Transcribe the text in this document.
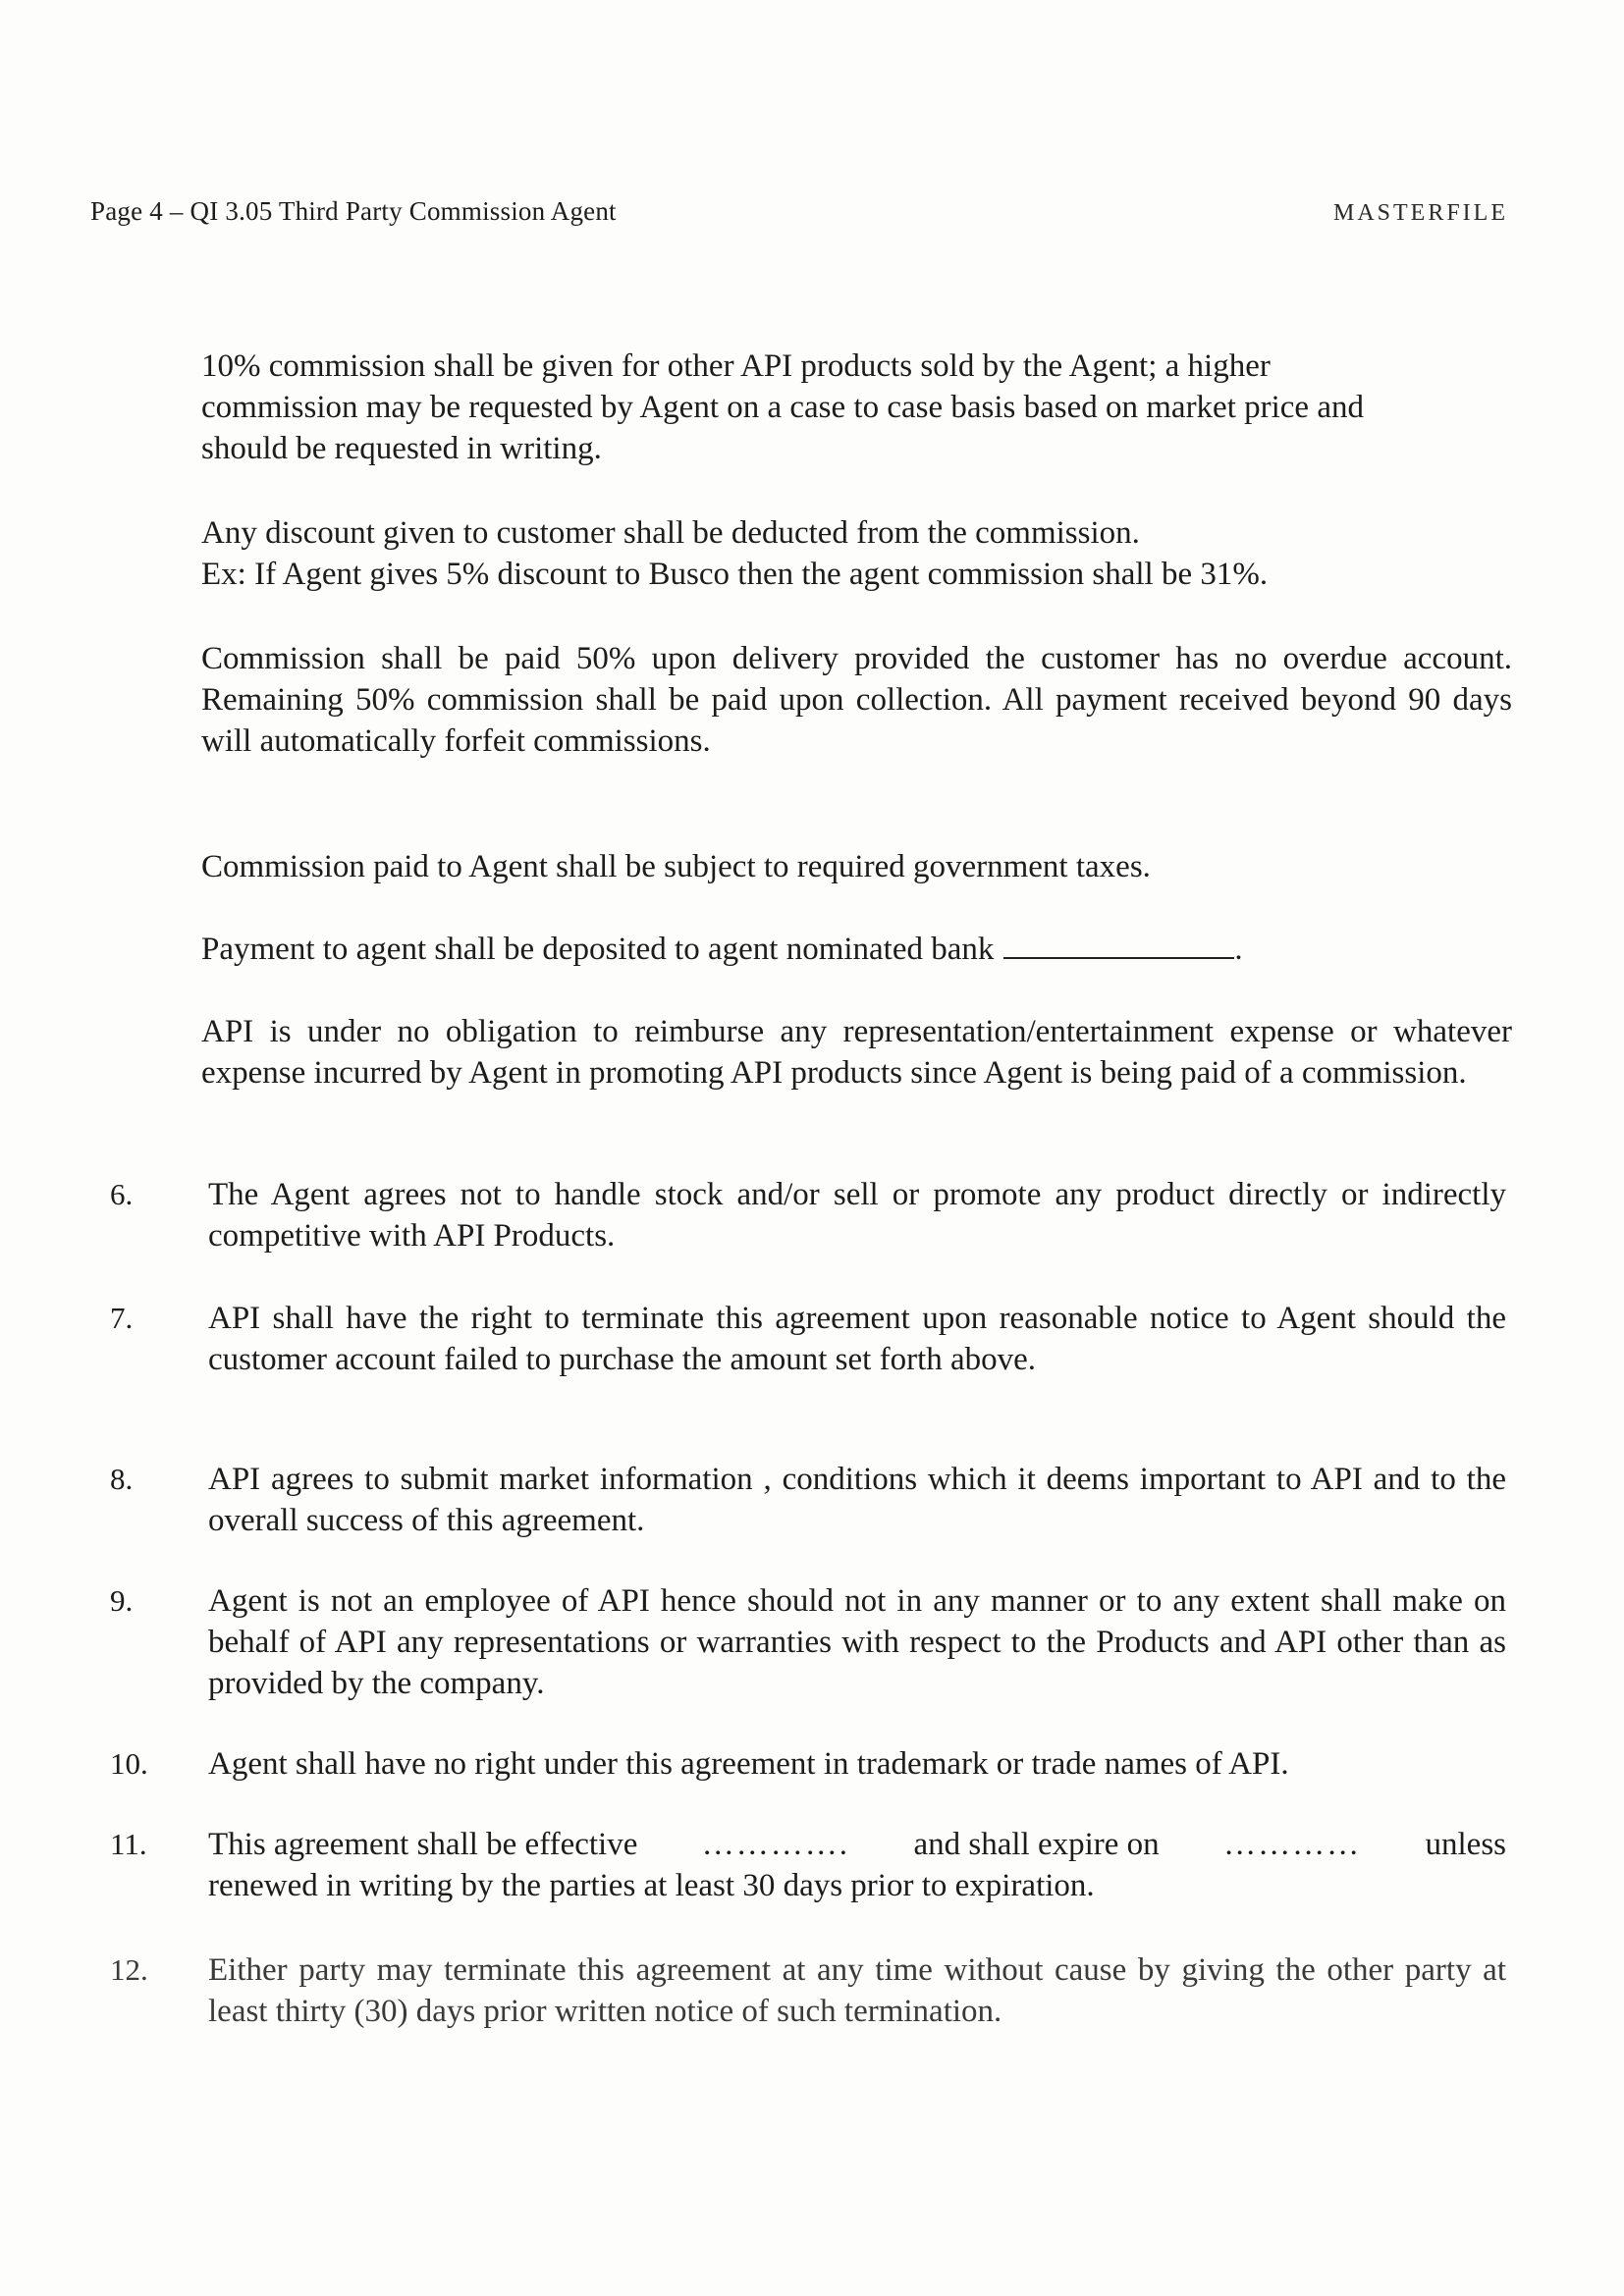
Page 4 – QI 3.05 Third Party Commission Agent	MASTERFILE
10% commission shall be given for other API products sold by the Agent; a higher
commission may be requested by Agent on a case to case basis based on market price and
should be requested in writing.
Any discount given to customer shall be deducted from the commission.
Ex: If Agent gives 5% discount to Busco then the agent commission shall be 31%.
Commission shall be paid 50% upon delivery provided the customer has no overdue account. Remaining 50% commission shall be paid upon collection. All payment received beyond 90 days will automatically forfeit commissions.
Commission paid to Agent shall be subject to required government taxes.
Payment to agent shall be deposited to agent nominated bank	.
API is under no obligation to reimburse any representation/entertainment expense or whatever expense incurred by Agent in promoting API products since Agent is being paid of a commission.
6. The Agent agrees not to handle stock and/or sell or promote any product directly or indirectly competitive with API Products.
7. API shall have the right to terminate this agreement upon reasonable notice to Agent should the customer account failed to purchase the amount set forth above.
8. API agrees to submit market information , conditions which it deems important to API and to the overall success of this agreement.
9. Agent is not an employee of API hence should not in any manner or to any extent shall make on behalf of API any representations or warranties with respect to the Products and API other than as provided by the company.
10. Agent shall have no right under this agreement in trademark or trade names of API.
11. This agreement shall be effective …………. and shall expire on ………… unless
renewed in writing by the parties at least 30 days prior to expiration.
12. Either party may terminate this agreement at any time without cause by giving the other party at least thirty (30) days prior written notice of such termination.
